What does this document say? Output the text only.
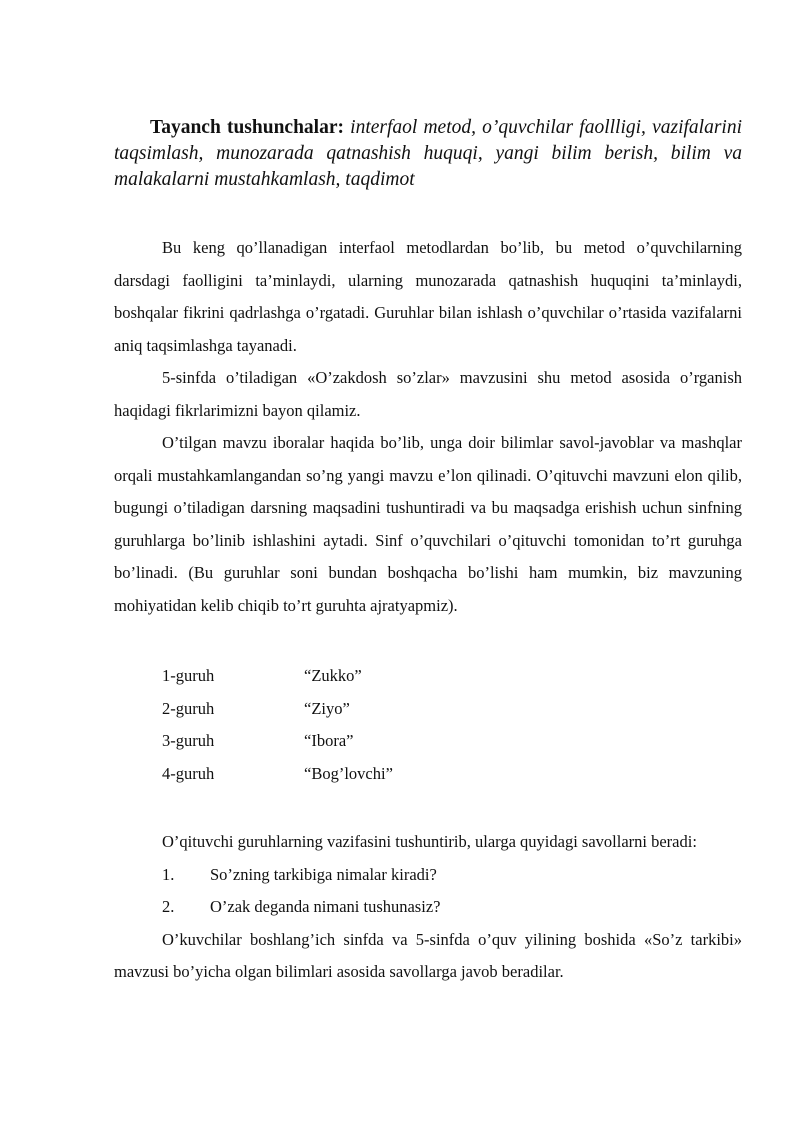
Tayanch tushunchalar: interfaol metod, o’quvchilar faollligi, vazifalarini taqsimlash, munozarada qatnashish huquqi, yangi bilim berish, bilim va malakalarni mustahkamlash, taqdimot

Bu keng qo’llanadigan interfaol metodlardan bo’lib, bu metod o’quvchilarning darsdagi faolligini ta’minlaydi, ularning munozarada qatnashish huquqini ta’minlaydi, boshqalar fikrini qadrlashga o’rgatadi. Guruhlar bilan ishlash o’quvchilar o’rtasida vazifalarni aniq taqsimlashga tayanadi.

5-sinfda o’tiladigan «O’zakdosh so’zlar» mavzusini shu metod asosida o’rganish haqidagi fikrlarimizni bayon qilamiz.

O’tilgan mavzu iboralar haqida bo’lib, unga doir bilimlar savol-javoblar va mashqlar orqali mustahkamlangandan so’ng yangi mavzu e’lon qilinadi. O’qituvchi mavzuni elon qilib, bugungi o’tiladigan darsning maqsadini tushuntiradi va bu maqsadga erishish uchun sinfning guruhlarga bo’linib ishlashini aytadi. Sinf o’quvchilari o’qituvchi tomonidan to’rt guruhga bo’linadi. (Bu guruhlar soni bundan boshqacha bo’lishi ham mumkin, biz mavzuning mohiyatidan kelib chiqib to’rt guruhta ajratyapmiz).

1-guruh	“Zukko”
2-guruh	“Ziyo”
3-guruh	“Ibora”
4-guruh	“Bog’lovchi”

O’qituvchi guruhlarning vazifasini tushuntirib, ularga quyidagi savollarni beradi:

1.	So’zning tarkibiga nimalar kiradi?
2.	O’zak deganda nimani tushunasiz?

O’kuvchilar boshlang’ich sinfda va 5-sinfda o’quv yilining boshida «So’z tarkibi» mavzusi bo’yicha olgan bilimlari asosida savollarga javob beradilar.
